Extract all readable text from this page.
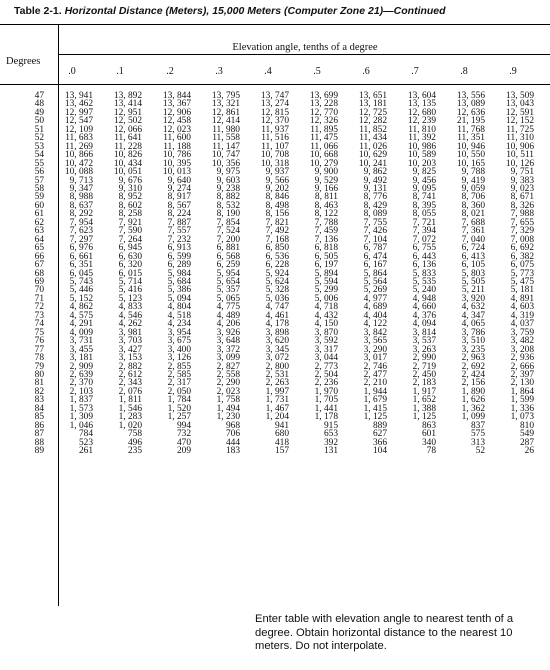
Table 2-1. Horizontal Distance (Meters), 15,000 Meters (Computer Zone 21)—Continued
Elevation angle, tenths of a degree
Degrees
.0	.1	.2	.3	.4	.5	.6	.7	.8	.9
47	13, 941	13, 892	13, 844	13, 795	13, 747	13, 699	13, 651	13, 604	13, 556	13, 509
48	13, 462	13, 414	13, 367	13, 321	13, 274	13, 228	13, 181	13, 135	13, 089	13, 043
49	12, 997	12, 951	12, 906	12, 861	12, 815	12, 770	12, 725	12, 680	12, 636	12, 591
50	12, 547	12, 502	12, 458	12, 414	12, 370	12, 326	12, 282	12, 239	21, 195	12, 152
51	12, 109	12, 066	12, 023	11, 980	11, 937	11, 895	11, 852	11, 810	11, 768	11, 725
52	11, 683	11, 641	11, 600	11, 558	11, 516	11, 475	11, 434	11, 392	11, 351	11, 310
53	11, 269	11, 228	11, 188	11, 147	11, 107	11, 066	11, 026	10, 986	10, 946	10, 906
54	10, 866	10, 826	10, 786	10, 747	10, 708	10, 668	10, 629	10, 589	10, 550	10, 511
55	10, 472	10, 434	10, 395	10, 356	10, 318	10, 279	10, 241	10, 203	10, 165	10, 126
56	10, 088	10, 051	10, 013	9, 975	9, 937	9, 900	9, 862	9, 825	9, 788	9, 751
57	9, 713	9, 676	9, 640	9, 603	9, 566	9, 529	9, 492	9, 456	9, 419	9, 383
58	9, 347	9, 310	9, 274	9, 238	9, 202	9, 166	9, 131	9, 095	9, 059	9, 023
59	8, 988	8, 952	8, 917	8, 882	8, 846	8, 811	8, 776	8, 741	8, 706	8, 671
60	8, 637	8, 602	8, 567	8, 532	8, 498	8, 463	8, 429	8, 395	8, 360	8, 326
61	8, 292	8, 258	8, 224	8, 190	8, 156	8, 122	8, 089	8, 055	8, 021	7, 988
62	7, 954	7, 921	7, 887	7, 854	7, 821	7, 788	7, 755	7, 721	7, 688	7, 655
63	7, 623	7, 590	7, 557	7, 524	7, 492	7, 459	7, 426	7, 394	7, 361	7, 329
64	7, 297	7, 264	7, 232	7, 200	7, 168	7, 136	7, 104	7, 072	7, 040	7, 008
65	6, 976	6, 945	6, 913	6, 881	6, 850	6, 818	6, 787	6, 755	6, 724	6, 692
66	6, 661	6, 630	6, 599	6, 568	6, 536	6, 505	6, 474	6, 443	6, 413	6, 382
67	6, 351	6, 320	6, 289	6, 259	6, 228	6, 197	6, 167	6, 136	6, 105	6, 075
68	6, 045	6, 015	5, 984	5, 954	5, 924	5, 894	5, 864	5, 833	5, 803	5, 773
69	5, 743	5, 714	5, 684	5, 654	5, 624	5, 594	5, 564	5, 535	5, 505	5, 475
70	5, 446	5, 416	5, 386	5, 357	5, 328	5, 299	5, 269	5, 240	5, 211	5, 181
71	5, 152	5, 123	5, 094	5, 065	5, 036	5, 006	4, 977	4, 948	3, 920	4, 891
72	4, 862	4, 833	4, 804	4, 775	4, 747	4, 718	4, 689	4, 660	4, 632	4, 603
73	4, 575	4, 546	4, 518	4, 489	4, 461	4, 432	4, 404	4, 376	4, 347	4, 319
74	4, 291	4, 262	4, 234	4, 206	4, 178	4, 150	4, 122	4, 094	4, 065	4, 037
75	4, 009	3, 981	3, 954	3, 926	3, 898	3, 870	3, 842	3, 814	3, 786	3, 759
76	3, 731	3, 703	3, 675	3, 648	3, 620	3, 592	3, 565	3, 537	3, 510	3, 482
77	3, 455	3, 427	3, 400	3, 372	3, 345	3, 317	3, 290	3, 263	3, 235	3, 208
78	3, 181	3, 153	3, 126	3, 099	3, 072	3, 044	3, 017	2, 990	2, 963	2, 936
79	2, 909	2, 882	2, 855	2, 827	2, 800	2, 773	2, 746	2, 719	2, 692	2, 666
80	2, 639	2, 612	2, 585	2, 558	2, 531	2, 504	2, 477	2, 450	2, 424	2, 397
81	2, 370	2, 343	2, 317	2, 290	2, 263	2, 236	2, 210	2, 183	2, 156	2, 130
82	2, 103	2, 076	2, 050	2, 023	1, 997	1, 970	1, 944	1, 917	1, 890	1, 864
83	1, 837	1, 811	1, 784	1, 758	1, 731	1, 705	1, 679	1, 652	1, 626	1, 599
84	1, 573	1, 546	1, 520	1, 494	1, 467	1, 441	1, 415	1, 388	1, 362	1, 336
85	1, 309	1, 283	1, 257	1, 230	1, 204	1, 178	1, 125	1, 125	1, 099	1, 073
86	1, 046	1, 020	994	968	941	915	889	863	837	810
87	784	758	732	706	680	653	627	601	575	549
88	523	496	470	444	418	392	366	340	313	287
89	261	235	209	183	157	131	104	78	52	26
Enter table with elevation angle to nearest tenth of a degree. Obtain horizontal distance to the nearest 10 meters. Do not interpolate.
